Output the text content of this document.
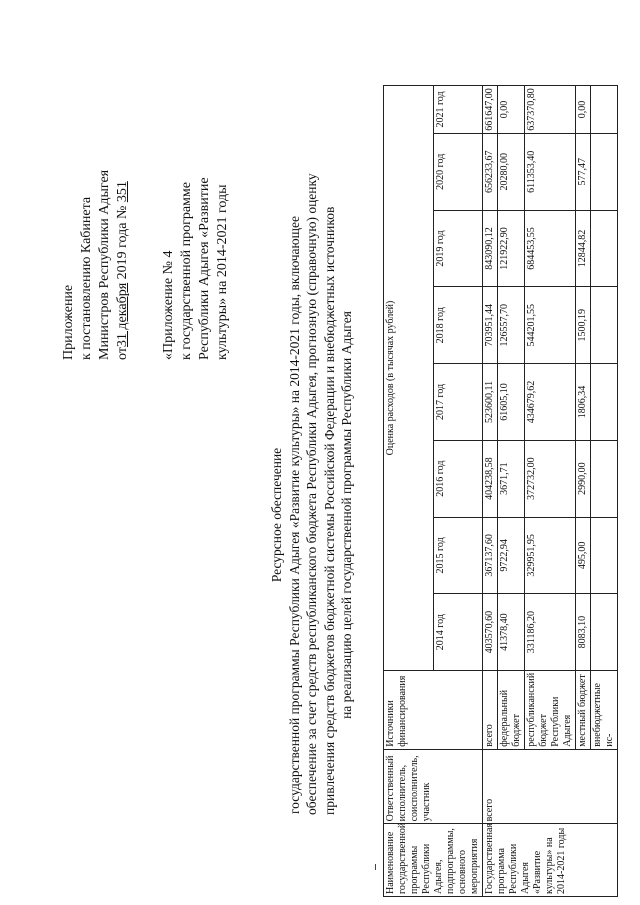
Приложение к постановлению Кабинета Министров Республики Адыгея от31 декабря 2019 года № 351
«Приложение № 4 к государственной программе Республики Адыгея «Развитие культуры» на 2014-2021 годы
Ресурсное обеспечение государственной программы Республики Адыгея «Развитие культуры» на 2014-2021 годы, включающее обеспечение за счет средств республиканского бюджета Республики Адыгея, прогнозную (справочную) оценку привлечения средств бюджетов бюджетной системы Российской Федерации и внебюджетных источников на реализацию целей государственной программы Республики Адыгея
Наименование государственной программы Республики Адыгея, подпрограммы, основного мероприятия	Ответственный исполнитель, соисполнитель, участник	Источники финансирования	Оценка расходов (в тысячах рублей)							
			2014 год	2015 год	2016 год	2017 год	2018 год	2019 год	2020 год	2021 год
Государственная программа Республики Адыгея «Развитие культуры» на 2014-2021 годы	всего	всего	403570,60	367137,60	404238,58	523600,11	703951,44	843090,12	656233,67	661647,00
		федеральный бюджет	41378,40	9722,94	3671,71	61605,10	126557,70	121922,90	20280,00	0,00
		республиканский бюджет Республики Адыгея	331186,20	329951,95	372732,00	434679,62	544201,55	684453,55	611353,40	637370,80
		местный бюджет	8083,10	495,00	2990,00	1806,34	1500,19	12844,82	577,47	0,00
		внебюджетные ис-								
